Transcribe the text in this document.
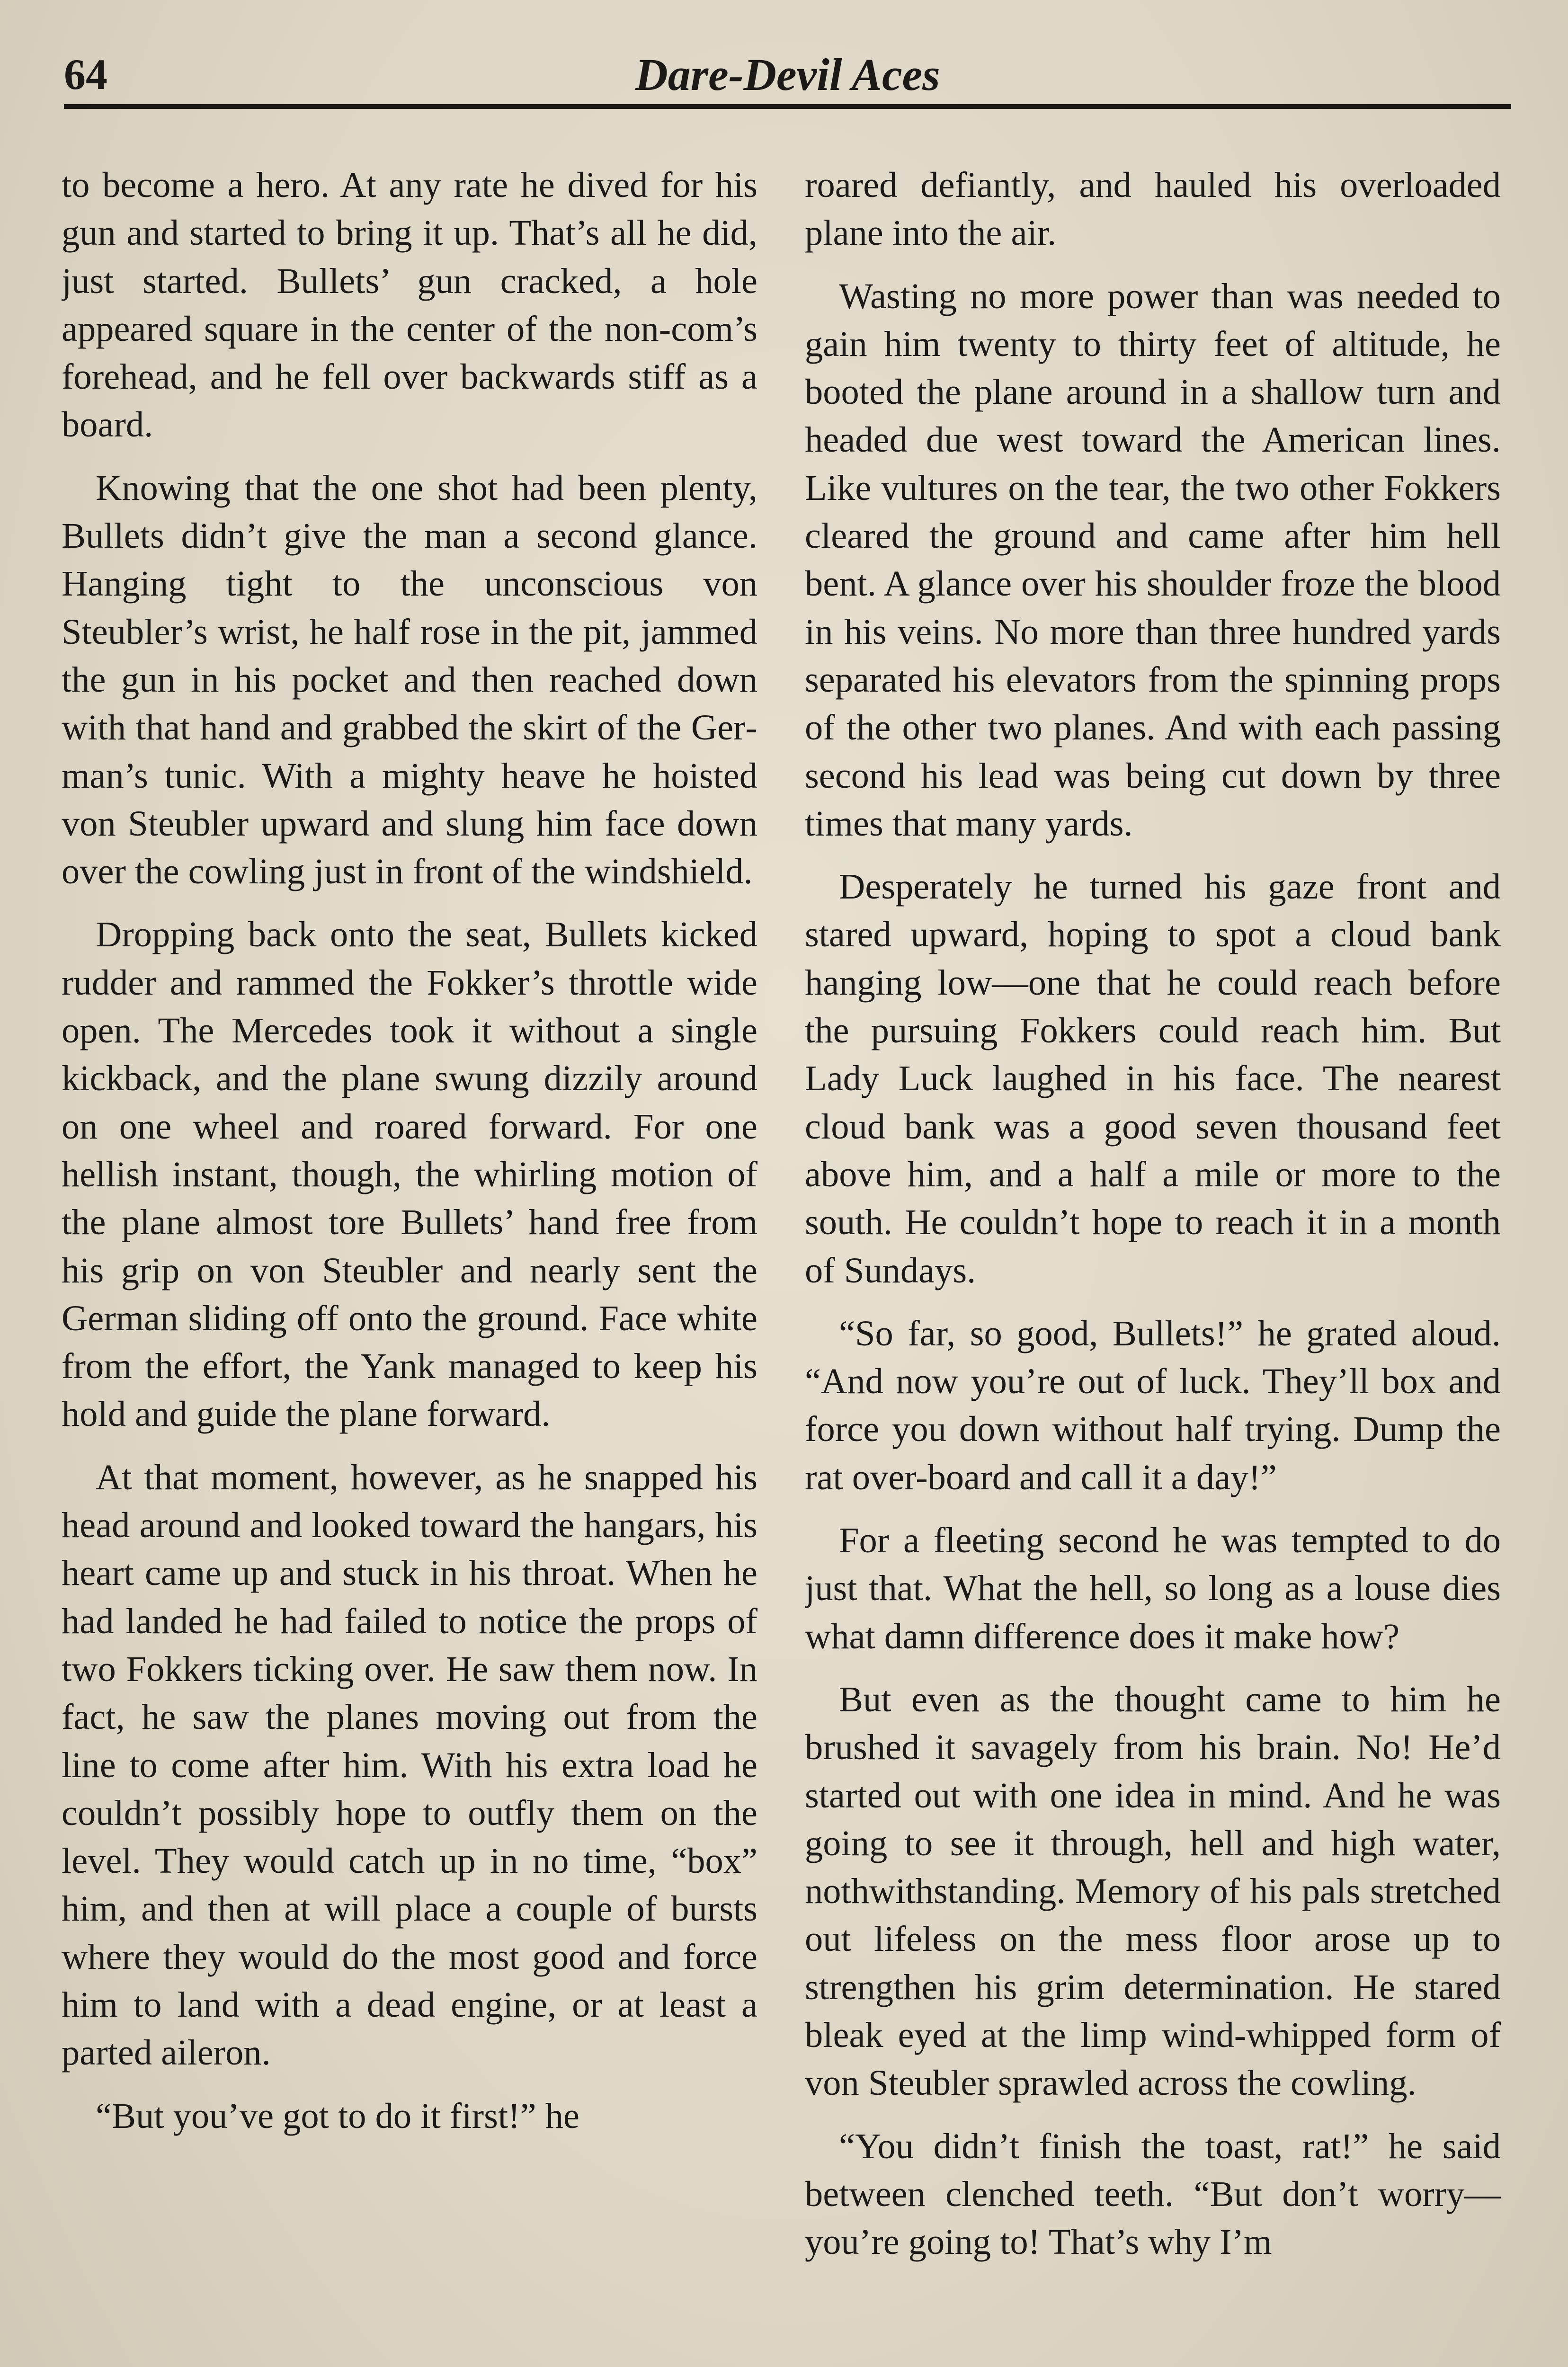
64	Dare-Devil Aces

to become a hero. At any rate he dived for his gun and started to bring it up. That’s all he did, just started. Bullets’ gun cracked, a hole appeared square in the center of the non-com’s forehead, and he fell over backwards stiff as a board.

Knowing that the one shot had been plenty, Bullets didn’t give the man a second glance. Hanging tight to the unconscious von Steubler’s wrist, he half rose in the pit, jammed the gun in his pocket and then reached down with that hand and grabbed the skirt of the German’s tunic. With a mighty heave he hoisted von Steubler upward and slung him face down over the cowling just in front of the windshield.

Dropping back onto the seat, Bullets kicked rudder and rammed the Fokker’s throttle wide open. The Mercedes took it without a single kickback, and the plane swung dizzily around on one wheel and roared forward. For one hellish instant, though, the whirling motion of the plane almost tore Bullets’ hand free from his grip on von Steubler and nearly sent the German sliding off onto the ground. Face white from the effort, the Yank managed to keep his hold and guide the plane forward.

At that moment, however, as he snapped his head around and looked toward the hangars, his heart came up and stuck in his throat. When he had landed he had failed to notice the props of two Fokkers ticking over. He saw them now. In fact, he saw the planes moving out from the line to come after him. With his extra load he couldn’t possibly hope to outfly them on the level. They would catch up in no time, “box” him, and then at will place a couple of bursts where they would do the most good and force him to land with a dead engine, or at least a parted aileron.

“But you’ve got to do it first!” he

roared defiantly, and hauled his overloaded plane into the air.

Wasting no more power than was needed to gain him twenty to thirty feet of altitude, he booted the plane around in a shallow turn and headed due west toward the American lines. Like vultures on the tear, the two other Fokkers cleared the ground and came after him hell bent. A glance over his shoulder froze the blood in his veins. No more than three hundred yards separated his elevators from the spinning props of the other two planes. And with each passing second his lead was being cut down by three times that many yards.

Desperately he turned his gaze front and stared upward, hoping to spot a cloud bank hanging low—one that he could reach before the pursuing Fokkers could reach him. But Lady Luck laughed in his face. The nearest cloud bank was a good seven thousand feet above him, and a half a mile or more to the south. He couldn’t hope to reach it in a month of Sundays.

“So far, so good, Bullets!” he grated aloud. “And now you’re out of luck. They’ll box and force you down without half trying. Dump the rat over-board and call it a day!”

For a fleeting second he was tempted to do just that. What the hell, so long as a louse dies what damn difference does it make how?

But even as the thought came to him he brushed it savagely from his brain. No! He’d started out with one idea in mind. And he was going to see it through, hell and high water, nothwithstanding. Memory of his pals stretched out lifeless on the mess floor arose up to strengthen his grim determination. He stared bleak eyed at the limp wind-whipped form of von Steubler sprawled across the cowling.

“You didn’t finish the toast, rat!” he said between clenched teeth. “But don’t worry—you’re going to! That’s why I’m
